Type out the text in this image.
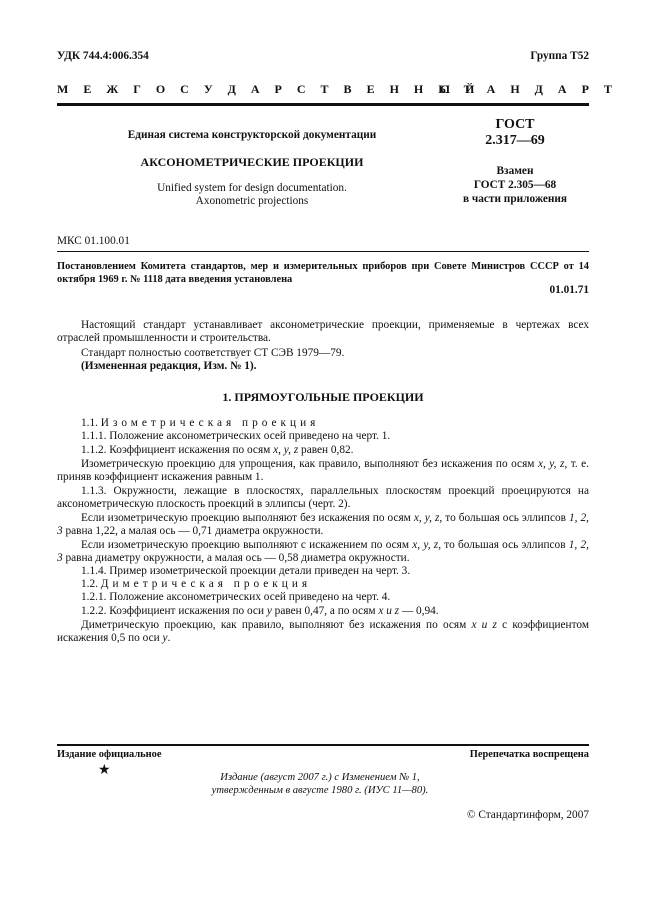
УДК 744.4:006.354	Группа Т52
М Е Ж Г О С У Д А Р С Т В Е Н Н Ы Й
С Т А Н Д А Р Т
Единая система конструкторской документации
АКСОНОМЕТРИЧЕСКИЕ ПРОЕКЦИИ
Unified system for design documentation.
Axonometric projections
ГОСТ
2.317—69
Взамен
ГОСТ 2.305—68
в части приложения
МКС 01.100.01
Постановлением Комитета стандартов, мер и измерительных приборов при Совете Министров СССР от 14 октября 1969 г. № 1118 дата введения установлена
01.01.71
Настоящий стандарт устанавливает аксонометрические проекции, применяемые в чертежах всех отраслей промышленности и строительства.
Стандарт полностью соответствует СТ СЭВ 1979—79.
(Измененная редакция, Изм. № 1).
1. ПРЯМОУГОЛЬНЫЕ ПРОЕКЦИИ
1.1. Изометрическая проекция
1.1.1. Положение аксонометрических осей приведено на черт. 1.
1.1.2. Коэффициент искажения по осям x, y, z равен 0,82.
Изометрическую проекцию для упрощения, как правило, выполняют без искажения по осям x, y, z, т. е. приняв коэффициент искажения равным 1.
1.1.3. Окружности, лежащие в плоскостях, параллельных плоскостям проекций проецируются на аксонометрическую плоскость проекций в эллипсы (черт. 2).
Если изометрическую проекцию выполняют без искажения по осям x, y, z, то большая ось эллипсов 1, 2, 3 равна 1,22, а малая ось — 0,71 диаметра окружности.
Если изометрическую проекцию выполняют с искажением по осям x, y, z, то большая ось эллипсов 1, 2, 3 равна диаметру окружности, а малая ось — 0,58 диаметра окружности.
1.1.4. Пример изометрической проекции детали приведен на черт. 3.
1.2. Диметрическая проекция
1.2.1. Положение аксонометрических осей приведено на черт. 4.
1.2.2. Коэффициент искажения по оси y равен 0,47, а по осям x и z — 0,94.
Диметрическую проекцию, как правило, выполняют без искажения по осям x и z с коэффициентом искажения 0,5 по оси y.
Издание официальное	Перепечатка воспрещена
★	Издание (август 2007 г.) с Изменением № 1,
утвержденным в августе 1980 г. (ИУС 11—80).
© Стандартинформ, 2007
